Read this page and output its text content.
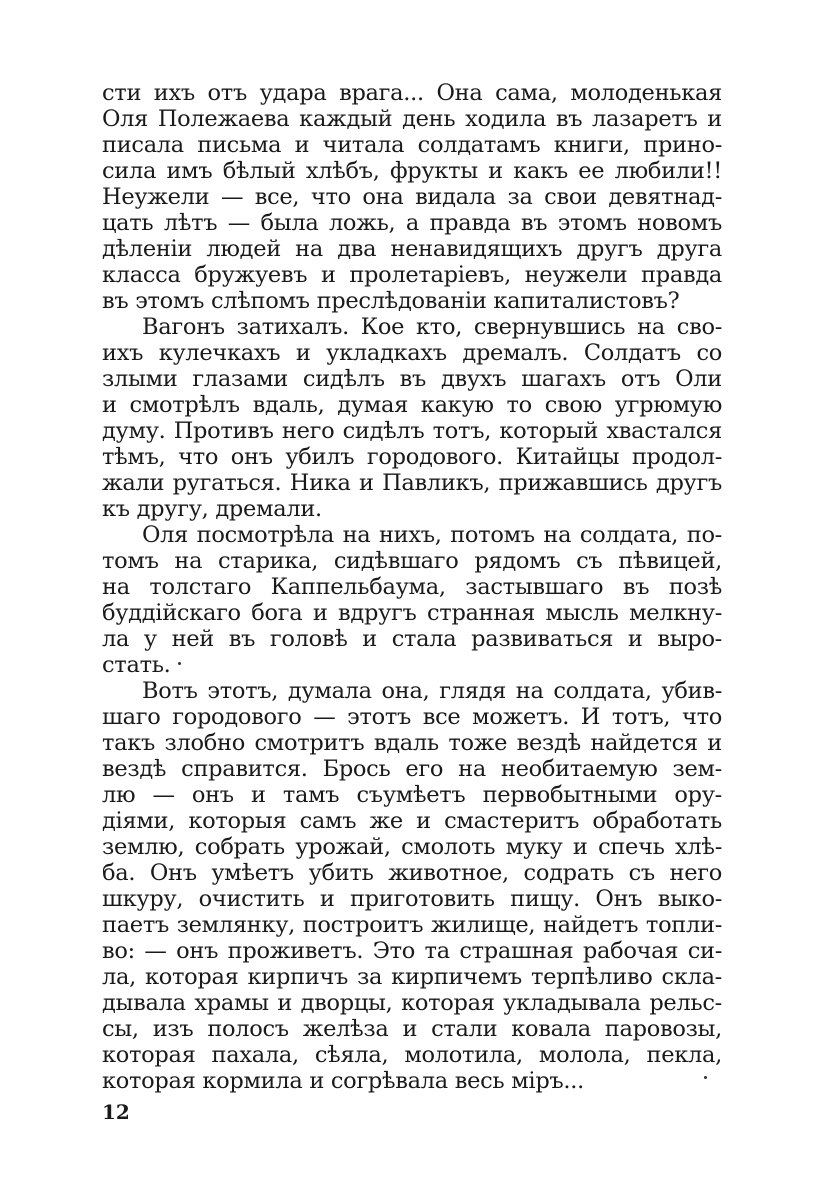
сти ихъ отъ удара врага... Она сама, молоденькая
Оля Полежаева каждый день ходила въ лазаретъ и
писала письма и читала солдатамъ книги, прино-
сила имъ бѣлый хлѣбъ, фрукты и какъ ее любили!!
Неужели — все, что она видала за свои девятнад-
цать лѣтъ — была ложь, а правда въ этомъ новомъ
дѣленіи людей на два ненавидящихъ другъ друга
класса бружуевъ и пролетаріевъ, неужели правда
въ этомъ слѣпомъ преслѣдованіи капиталистовъ?
Вагонъ затихалъ. Кое кто, свернувшись на сво-
ихъ кулечкахъ и укладкахъ дремалъ. Солдатъ со
злыми глазами сидѣлъ въ двухъ шагахъ отъ Оли
и смотрѣлъ вдаль, думая какую то свою угрюмую
думу. Противъ него сидѣлъ тотъ, который хвастался
тѣмъ, что онъ убилъ городового. Китайцы продол-
жали ругаться. Ника и Павликъ, прижавшись другъ
къ другу, дремали.
Оля посмотрѣла на нихъ, потомъ на солдата, по-
томъ на старика, сидѣвшаго рядомъ съ пѣвицей,
на толстаго Каппельбаума, застывшаго въ позѣ
буддійскаго бога и вдругъ странная мысль мелкну-
ла у ней въ головѣ и стала развиваться и выро-
стать.
Вотъ этотъ, думала она, глядя на солдата, убив-
шаго городового — этотъ все можетъ. И тотъ, что
такъ злобно смотритъ вдаль тоже вездѣ найдется и
вездѣ справится. Брось его на необитаемую зем-
лю — онъ и тамъ съумѣетъ первобытными ору-
діями, которыя самъ же и смастеритъ обработать
землю, собрать урожай, смолоть муку и спечь хлѣ-
ба. Онъ умѣетъ убить животное, содрать съ него
шкуру, очистить и приготовить пищу. Онъ выко-
паетъ землянку, построитъ жилище, найдетъ топли-
во: — онъ проживетъ. Это та страшная рабочая си-
ла, которая кирпичъ за кирпичемъ терпѣливо скла-
дывала храмы и дворцы, которая укладывала рельс-
сы, изъ полосъ желѣза и стали ковала паровозы,
которая пахала, сѣяла, молотила, молола, пекла,
которая кормила и согрѣвала весь міръ...
12
